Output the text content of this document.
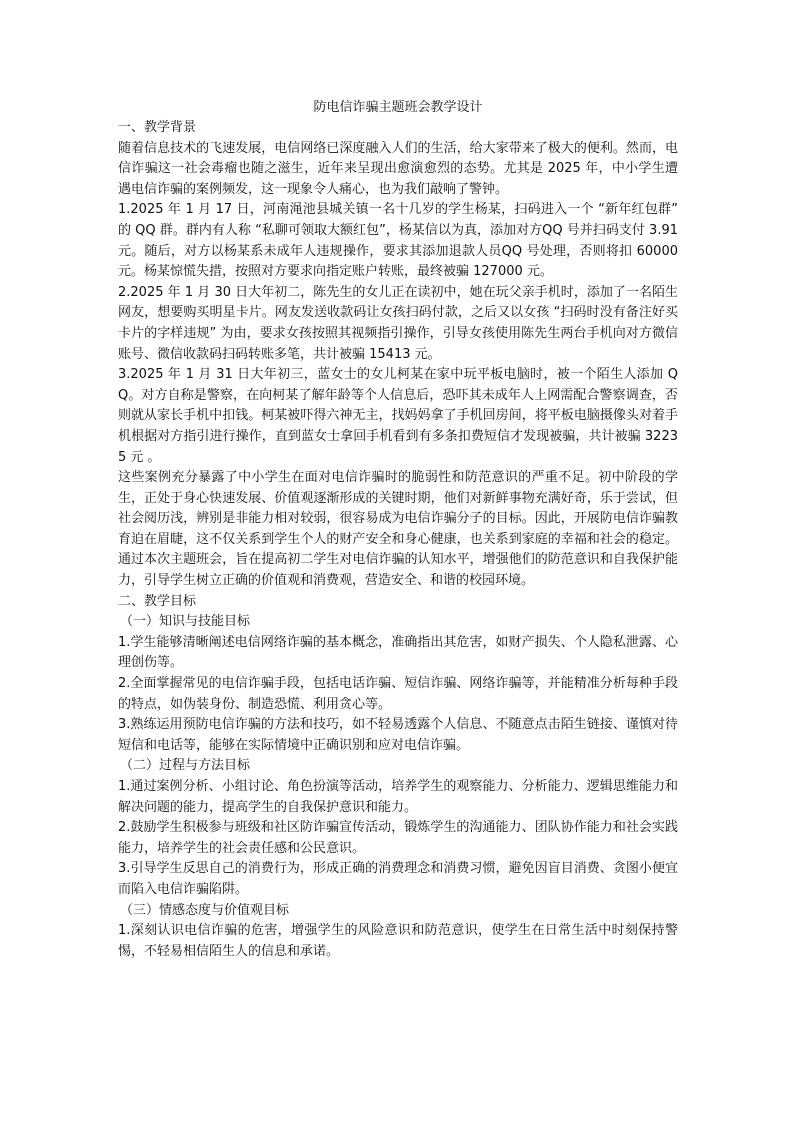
防电信诈骗主题班会教学设计

一、教学背景

随着信息技术的飞速发展，电信网络已深度融入人们的生活，给大家带来了极大的便利。然而，电信诈骗这一社会毒瘤也随之滋生，近年来呈现出愈演愈烈的态势。尤其是 2025 年，中小学生遭遇电信诈骗的案例频发，这一现象令人痛心，也为我们敲响了警钟。

1.2025 年 1 月 17 日，河南渑池县城关镇一名十几岁的学生杨某，扫码进入一个 “新年红包群” 的 QQ 群。群内有人称 “私聊可领取大额红包”，杨某信以为真，添加对方QQ 号并扫码支付 3.91 元。随后，对方以杨某系未成年人违规操作，要求其添加退款人员QQ 号处理，否则将扣 60000 元。杨某惊慌失措，按照对方要求向指定账户转账，最终被骗 127000 元。

2.2025 年 1 月 30 日大年初二，陈先生的女儿正在读初中，她在玩父亲手机时，添加了一名陌生网友，想要购买明星卡片。网友发送收款码让女孩扫码付款，之后又以女孩 “扫码时没有备注好买卡片的字样违规” 为由，要求女孩按照其视频指引操作，引导女孩使用陈先生两台手机向对方微信账号、微信收款码扫码转账多笔，共计被骗 15413 元。

3.2025 年 1 月 31 日大年初三，蓝女士的女儿柯某在家中玩平板电脑时，被一个陌生人添加 QQ。对方自称是警察，在向柯某了解年龄等个人信息后，恐吓其未成年人上网需配合警察调查，否则就从家长手机中扣钱。柯某被吓得六神无主，找妈妈拿了手机回房间，将平板电脑摄像头对着手机根据对方指引进行操作，直到蓝女士拿回手机看到有多条扣费短信才发现被骗，共计被骗 32235 元 。

这些案例充分暴露了中小学生在面对电信诈骗时的脆弱性和防范意识的严重不足。初中阶段的学生，正处于身心快速发展、价值观逐渐形成的关键时期，他们对新鲜事物充满好奇，乐于尝试，但社会阅历浅，辨别是非能力相对较弱，很容易成为电信诈骗分子的目标。因此，开展防电信诈骗教育迫在眉睫，这不仅关系到学生个人的财产安全和身心健康，也关系到家庭的幸福和社会的稳定。通过本次主题班会，旨在提高初二学生对电信诈骗的认知水平，增强他们的防范意识和自我保护能力，引导学生树立正确的价值观和消费观，营造安全、和谐的校园环境。

二、教学目标

（一）知识与技能目标

1.学生能够清晰阐述电信网络诈骗的基本概念，准确指出其危害，如财产损失、个人隐私泄露、心理创伤等。

2.全面掌握常见的电信诈骗手段，包括电话诈骗、短信诈骗、网络诈骗等，并能精准分析每种手段的特点，如伪装身份、制造恐慌、利用贪心等。

3.熟练运用预防电信诈骗的方法和技巧，如不轻易透露个人信息、不随意点击陌生链接、谨慎对待短信和电话等，能够在实际情境中正确识别和应对电信诈骗。

（二）过程与方法目标

1.通过案例分析、小组讨论、角色扮演等活动，培养学生的观察能力、分析能力、逻辑思维能力和解决问题的能力，提高学生的自我保护意识和能力。

2.鼓励学生积极参与班级和社区防诈骗宣传活动，锻炼学生的沟通能力、团队协作能力和社会实践能力，培养学生的社会责任感和公民意识。

3.引导学生反思自己的消费行为，形成正确的消费理念和消费习惯，避免因盲目消费、贪图小便宜而陷入电信诈骗陷阱。

（三）情感态度与价值观目标

1.深刻认识电信诈骗的危害，增强学生的风险意识和防范意识，使学生在日常生活中时刻保持警惕，不轻易相信陌生人的信息和承诺。
